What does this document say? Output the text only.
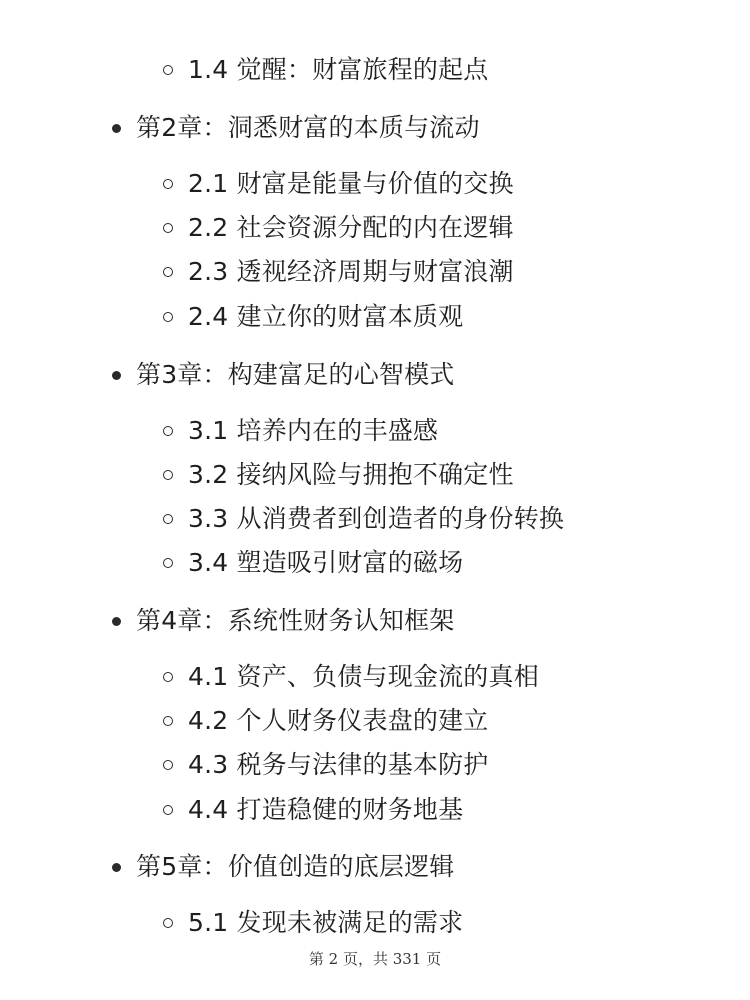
1.4 觉醒：财富旅程的起点
第2章：洞悉财富的本质与流动
2.1 财富是能量与价值的交换
2.2 社会资源分配的内在逻辑
2.3 透视经济周期与财富浪潮
2.4 建立你的财富本质观
第3章：构建富足的心智模式
3.1 培养内在的丰盛感
3.2 接纳风险与拥抱不确定性
3.3 从消费者到创造者的身份转换
3.4 塑造吸引财富的磁场
第4章：系统性财务认知框架
4.1 资产、负债与现金流的真相
4.2 个人财务仪表盘的建立
4.3 税务与法律的基本防护
4.4 打造稳健的财务地基
第5章：价值创造的底层逻辑
5.1 发现未被满足的需求
第 2 页，共 331 页
